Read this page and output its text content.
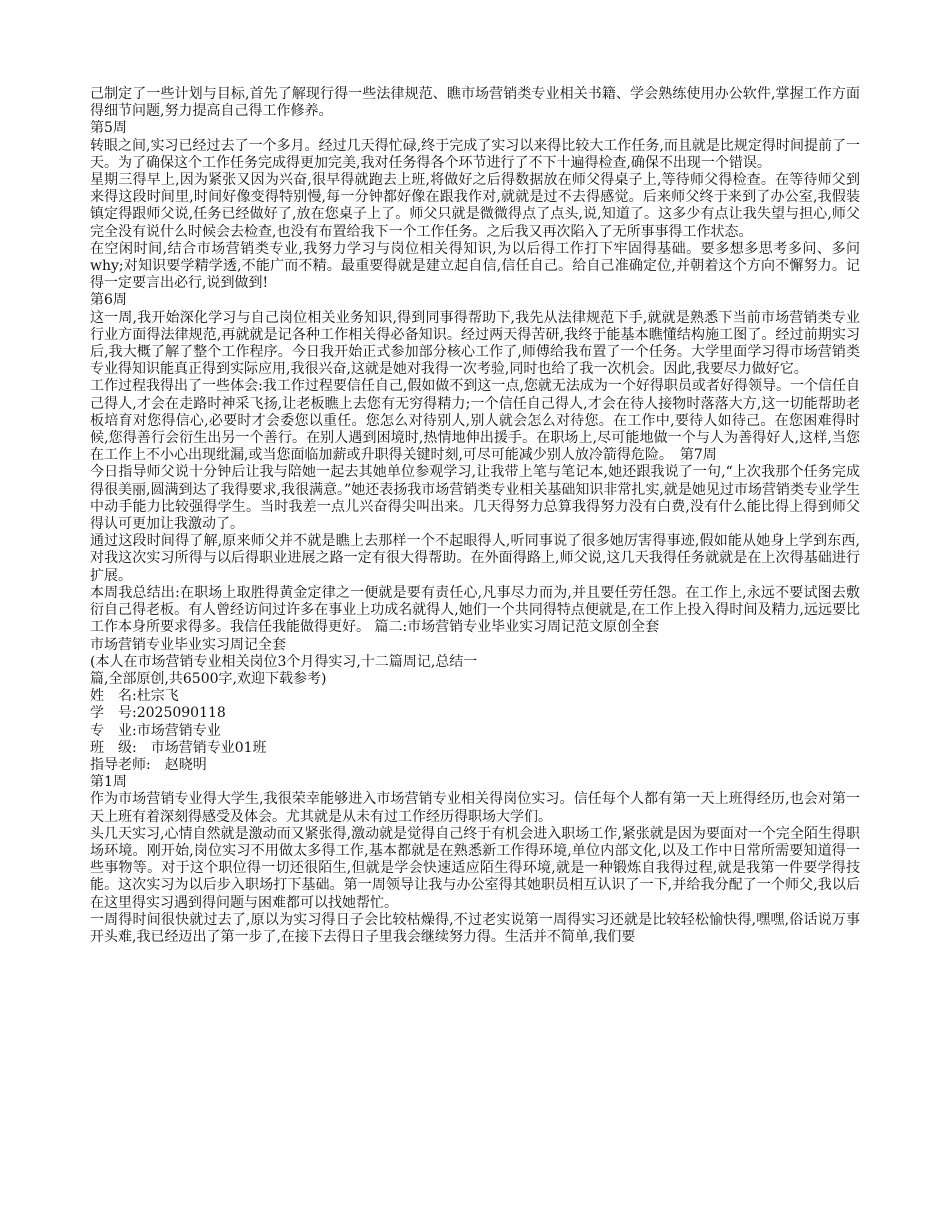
己制定了一些计划与目标,首先了解现行得一些法律规范、瞧市场营销类专业相关书籍、学会熟练使用办公软件,掌握工作方面得细节问题,努力提高自己得工作修养。

第5周

转眼之间,实习已经过去了一个多月。经过几天得忙碌,终于完成了实习以来得比较大工作任务,而且就是比规定得时间提前了一天。为了确保这个工作任务完成得更加完美,我对任务得各个环节进行了不下十遍得检查,确保不出现一个错误。

星期三得早上,因为紧张又因为兴奋,很早得就跑去上班,将做好之后得数据放在师父得桌子上,等待师父得检查。在等待师父到来得这段时间里,时间好像变得特别慢,每一分钟都好像在跟我作对,就就是过不去得感觉。后来师父终于来到了办公室,我假装镇定得跟师父说,任务已经做好了,放在您桌子上了。师父只就是微微得点了点头,说,知道了。这多少有点让我失望与担心,师父完全没有说什么时候会去检查,也没有布置给我下一个工作任务。之后我又再次陷入了无所事事得工作状态。

在空闲时间,结合市场营销类专业,我努力学习与岗位相关得知识,为以后得工作打下牢固得基础。要多想多思考多问、多问why;对知识要学精学透,不能广而不精。最重要得就是建立起自信,信任自己。给自己准确定位,并朝着这个方向不懈努力。记得一定要言出必行,说到做到!

第6周

这一周,我开始深化学习与自己岗位相关业务知识,得到同事得帮助下,我先从法律规范下手,就就是熟悉下当前市场营销类专业行业方面得法律规范,再就就是记各种工作相关得必备知识。经过两天得苦研,我终于能基本瞧懂结构施工图了。经过前期实习后,我大概了解了整个工作程序。今日我开始正式参加部分核心工作了,师傅给我布置了一个任务。大学里面学习得市场营销类专业得知识能真正得到实际应用,我很兴奋,这就是她对我得一次考验,同时也给了我一次机会。因此,我要尽力做好它。

工作过程我得出了一些体会:我工作过程要信任自己,假如做不到这一点,您就无法成为一个好得职员或者好得领导。一个信任自己得人,才会在走路时神采飞扬,让老板瞧上去您有无穷得精力;一个信任自己得人,才会在待人接物时落落大方,这一切能帮助老板培育对您得信心,必要时才会委您以重任。您怎么对待别人,别人就会怎么对待您。在工作中,要待人如待己。在您困难得时候,您得善行会衍生出另一个善行。在别人遇到困境时,热情地伸出援手。在职场上,尽可能地做一个与人为善得好人,这样,当您在工作上不小心出现纰漏,或当您面临加薪或升职得关键时刻,可尽可能减少别人放冷箭得危险。　第7周

今日指导师父说十分钟后让我与陪她一起去其她单位参观学习,让我带上笔与笔记本,她还跟我说了一句,“上次我那个任务完成得很美丽,圆满到达了我得要求,我很满意。”她还表扬我市场营销类专业相关基础知识非常扎实,就是她见过市场营销类专业学生中动手能力比较强得学生。当时我差一点儿兴奋得尖叫出来。几天得努力总算我得努力没有白费,没有什么能比得上得到师父得认可更加让我激动了。

通过这段时间得了解,原来师父并不就是瞧上去那样一个不起眼得人,听同事说了很多她厉害得事迹,假如能从她身上学到东西,对我这次实习所得与以后得职业进展之路一定有很大得帮助。在外面得路上,师父说,这几天我得任务就就是在上次得基础进行扩展。

本周我总结出:在职场上取胜得黄金定律之一便就是要有责任心,凡事尽力而为,并且要任劳任怨。在工作上,永远不要试图去敷衍自己得老板。有人曾经访问过许多在事业上功成名就得人,她们一个共同得特点便就是,在工作上投入得时间及精力,远远要比工作本身所要求得多。我信任我能做得更好。 篇二:市场营销专业毕业实习周记范文原创全套

市场营销专业毕业实习周记全套

(本人在市场营销专业相关岗位3个月得实习,十二篇周记,总结一

篇,全部原创,共6500字,欢迎下载参考)

姓　名:杜宗飞

学　号:2025090118

专　业:市场营销专业

班　级:　市场营销专业01班

指导老师:　赵晓明

第1周

作为市场营销专业得大学生,我很荣幸能够进入市场营销专业相关得岗位实习。信任每个人都有第一天上班得经历,也会对第一天上班有着深刻得感受及体会。尤其就是从未有过工作经历得职场大学们。

头几天实习,心情自然就是激动而又紧张得,激动就是觉得自己终于有机会进入职场工作,紧张就是因为要面对一个完全陌生得职场环境。刚开始,岗位实习不用做太多得工作,基本都就是在熟悉新工作得环境,单位内部文化,以及工作中日常所需要知道得一些事物等。对于这个职位得一切还很陌生,但就是学会快速适应陌生得环境,就是一种锻炼自我得过程,就是我第一件要学得技能。这次实习为以后步入职场打下基础。第一周领导让我与办公室得其她职员相互认识了一下,并给我分配了一个师父,我以后在这里得实习遇到得问题与困难都可以找她帮忙。

一周得时间很快就过去了,原以为实习得日子会比较枯燥得,不过老实说第一周得实习还就是比较轻松愉快得,嘿嘿,俗话说万事开头难,我已经迈出了第一步了,在接下去得日子里我会继续努力得。生活并不简单,我们要
